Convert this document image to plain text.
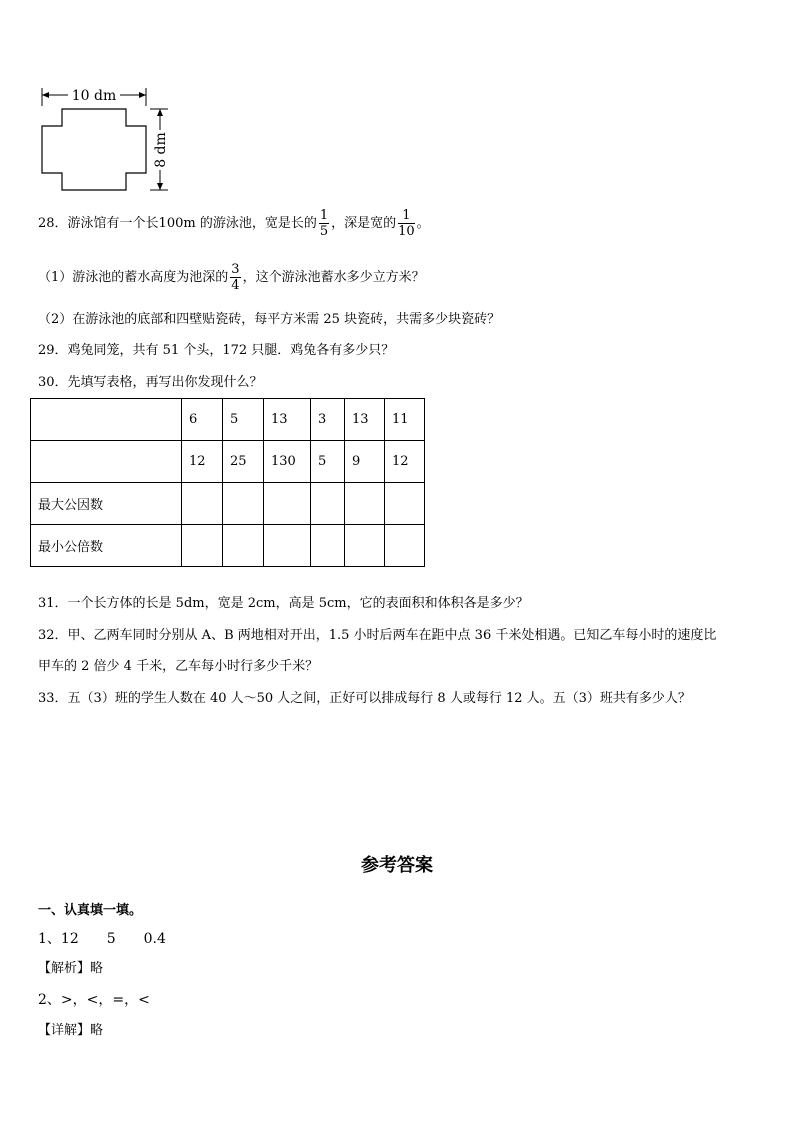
10 dm
8 dm
28．游泳馆有一个长100m 的游泳池，宽是长的 $\frac{1}{5}$ ，深是宽的 $\frac{1}{10}$ 。
（1）游泳池的蓄水高度为池深的 $\frac{3}{4}$ ，这个游泳池蓄水多少立方米？
（2）在游泳池的底部和四壁贴瓷砖，每平方米需 25 块瓷砖，共需多少块瓷砖？
29．鸡兔同笼，共有 51 个头，172 只腿．鸡兔各有多少只？
30．先填写表格，再写出你发现什么？
	6	5	13	3	13	11
	12	25	130	5	9	12
最大公因数						
最小公倍数						
31．一个长方体的长是 5dm，宽是 2cm，高是 5cm，它的表面积和体积各是多少？
32．甲、乙两车同时分别从 A、B 两地相对开出，1.5 小时后两车在距中点 36 千米处相遇。已知乙车每小时的速度比
甲车的 2 倍少 4 千米，乙车每小时行多少千米？
33．五（3）班的学生人数在 40 人～50 人之间，正好可以排成每行 8 人或每行 12 人。五（3）班共有多少人？
参考答案
一、认真填一填。
1、12　　5　　0.4
【解析】略
2、>，<，=，<
【详解】略
